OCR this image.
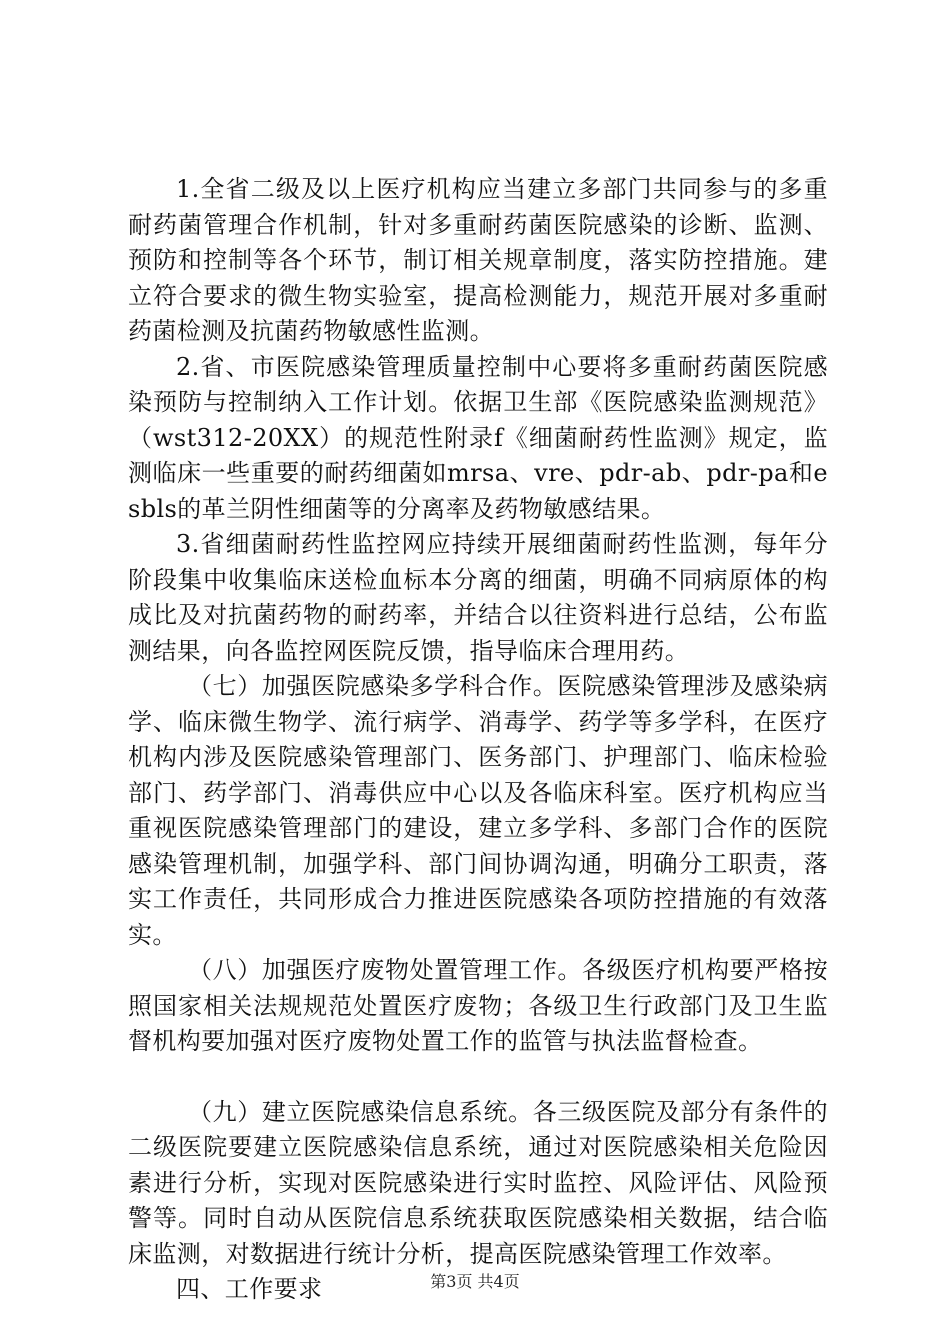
1.全省二级及以上医疗机构应当建立多部门共同参与的多重耐药菌管理合作机制，针对多重耐药菌医院感染的诊断、监测、预防和控制等各个环节，制订相关规章制度，落实防控措施。建立符合要求的微生物实验室，提高检测能力，规范开展对多重耐药菌检测及抗菌药物敏感性监测。

2.省、市医院感染管理质量控制中心要将多重耐药菌医院感染预防与控制纳入工作计划。依据卫生部《医院感染监测规范》（wst312-20XX）的规范性附录f《细菌耐药性监测》规定，监测临床一些重要的耐药细菌如mrsa、vre、pdr-ab、pdr-pa和esbls的革兰阴性细菌等的分离率及药物敏感结果。

3.省细菌耐药性监控网应持续开展细菌耐药性监测，每年分阶段集中收集临床送检血标本分离的细菌，明确不同病原体的构成比及对抗菌药物的耐药率，并结合以往资料进行总结，公布监测结果，向各监控网医院反馈，指导临床合理用药。

（七）加强医院感染多学科合作。医院感染管理涉及感染病学、临床微生物学、流行病学、消毒学、药学等多学科，在医疗机构内涉及医院感染管理部门、医务部门、护理部门、临床检验部门、药学部门、消毒供应中心以及各临床科室。医疗机构应当重视医院感染管理部门的建设，建立多学科、多部门合作的医院感染管理机制，加强学科、部门间协调沟通，明确分工职责，落实工作责任，共同形成合力推进医院感染各项防控措施的有效落实。

（八）加强医疗废物处置管理工作。各级医疗机构要严格按照国家相关法规规范处置医疗废物；各级卫生行政部门及卫生监督机构要加强对医疗废物处置工作的监管与执法监督检查。

（九）建立医院感染信息系统。各三级医院及部分有条件的二级医院要建立医院感染信息系统，通过对医院感染相关危险因素进行分析，实现对医院感染进行实时监控、风险评估、风险预警等。同时自动从医院信息系统获取医院感染相关数据，结合临床监测，对数据进行统计分析，提高医院感染管理工作效率。

四、工作要求	第3页 共4页
